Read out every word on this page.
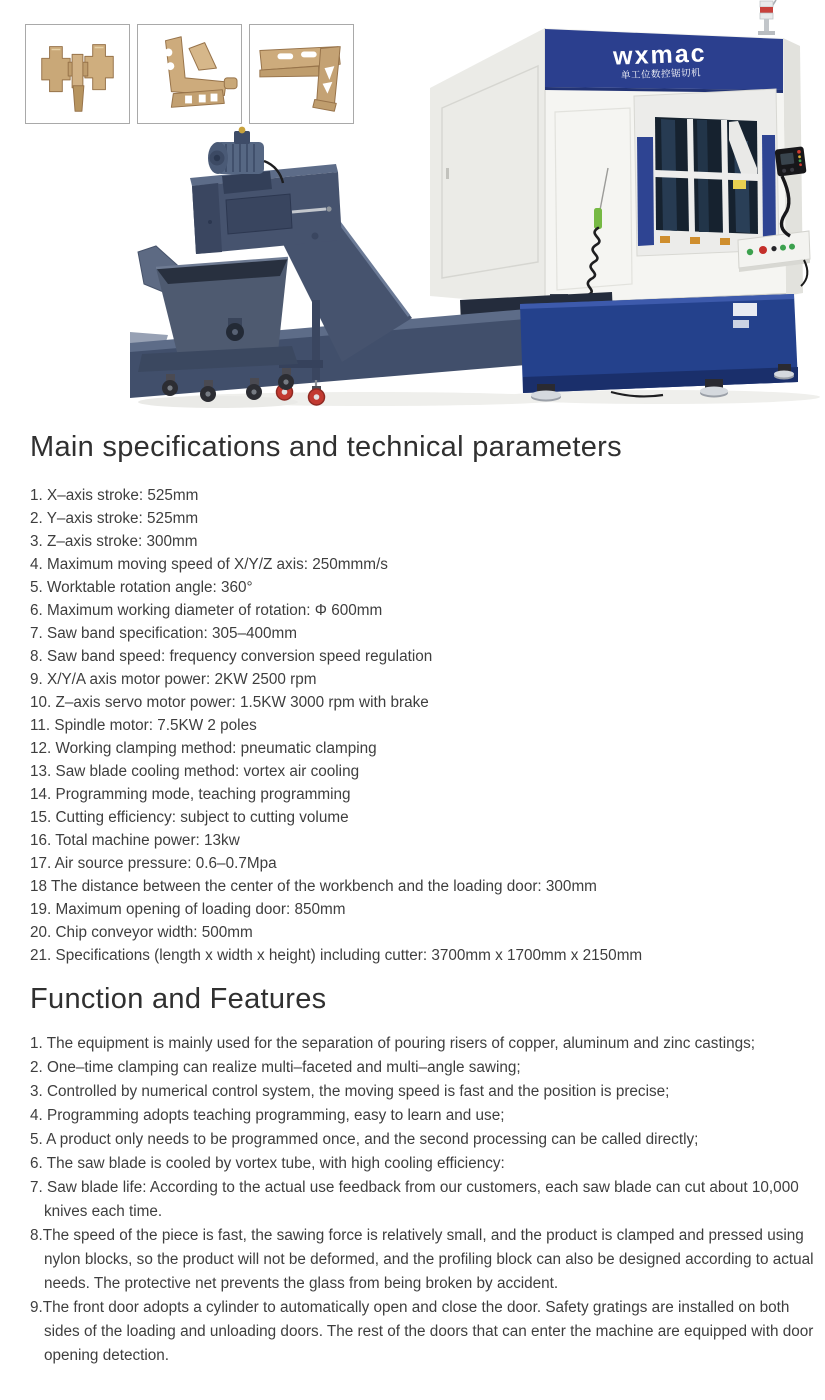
wxmac
单工位数控锯切机
Main specifications and technical parameters
1. X–axis stroke: 525mm
2. Y–axis stroke: 525mm
3. Z–axis stroke: 300mm
4. Maximum moving speed of X/Y/Z axis: 250mmm/s
5. Worktable rotation angle: 360°
6. Maximum working diameter of rotation: Φ 600mm
7. Saw band specification: 305–400mm
8. Saw band speed: frequency conversion speed regulation
9. X/Y/A axis motor power: 2KW 2500 rpm
10. Z–axis servo motor power: 1.5KW 3000 rpm with brake
11. Spindle motor: 7.5KW 2 poles
12. Working clamping method: pneumatic clamping
13. Saw blade cooling method: vortex air cooling
14. Programming mode, teaching programming
15. Cutting efficiency: subject to cutting volume
16. Total machine power: 13kw
17. Air source pressure: 0.6–0.7Mpa
18 The distance between the center of the workbench and the loading door: 300mm
19. Maximum opening of loading door: 850mm
20. Chip conveyor width: 500mm
21. Specifications (length x width x height) including cutter: 3700mm x 1700mm x 2150mm
Function and Features
1. The equipment is mainly used for the separation of pouring risers of copper, aluminum and zinc castings;
2. One–time clamping can realize multi–faceted and multi–angle sawing;
3. Controlled by numerical control system, the moving speed is fast and the position is precise;
4. Programming adopts teaching programming, easy to learn and use;
5. A product only needs to be programmed once, and the second processing can be called directly;
6. The saw blade is cooled by vortex tube, with high cooling efficiency:
7. Saw blade life: According to the actual use feedback from our customers, each saw blade can cut about 10,000 knives each time.
8.The speed of the piece is fast, the sawing force is relatively small, and the product is clamped and pressed using nylon blocks, so the product will not be deformed, and the profiling block can also be designed according to actual needs. The protective net prevents the glass from being broken by accident.
9.The front door adopts a cylinder to automatically open and close the door. Safety gratings are installed on both sides of the loading and unloading doors. The rest of the doors that can enter the machine are equipped with door opening detection.
